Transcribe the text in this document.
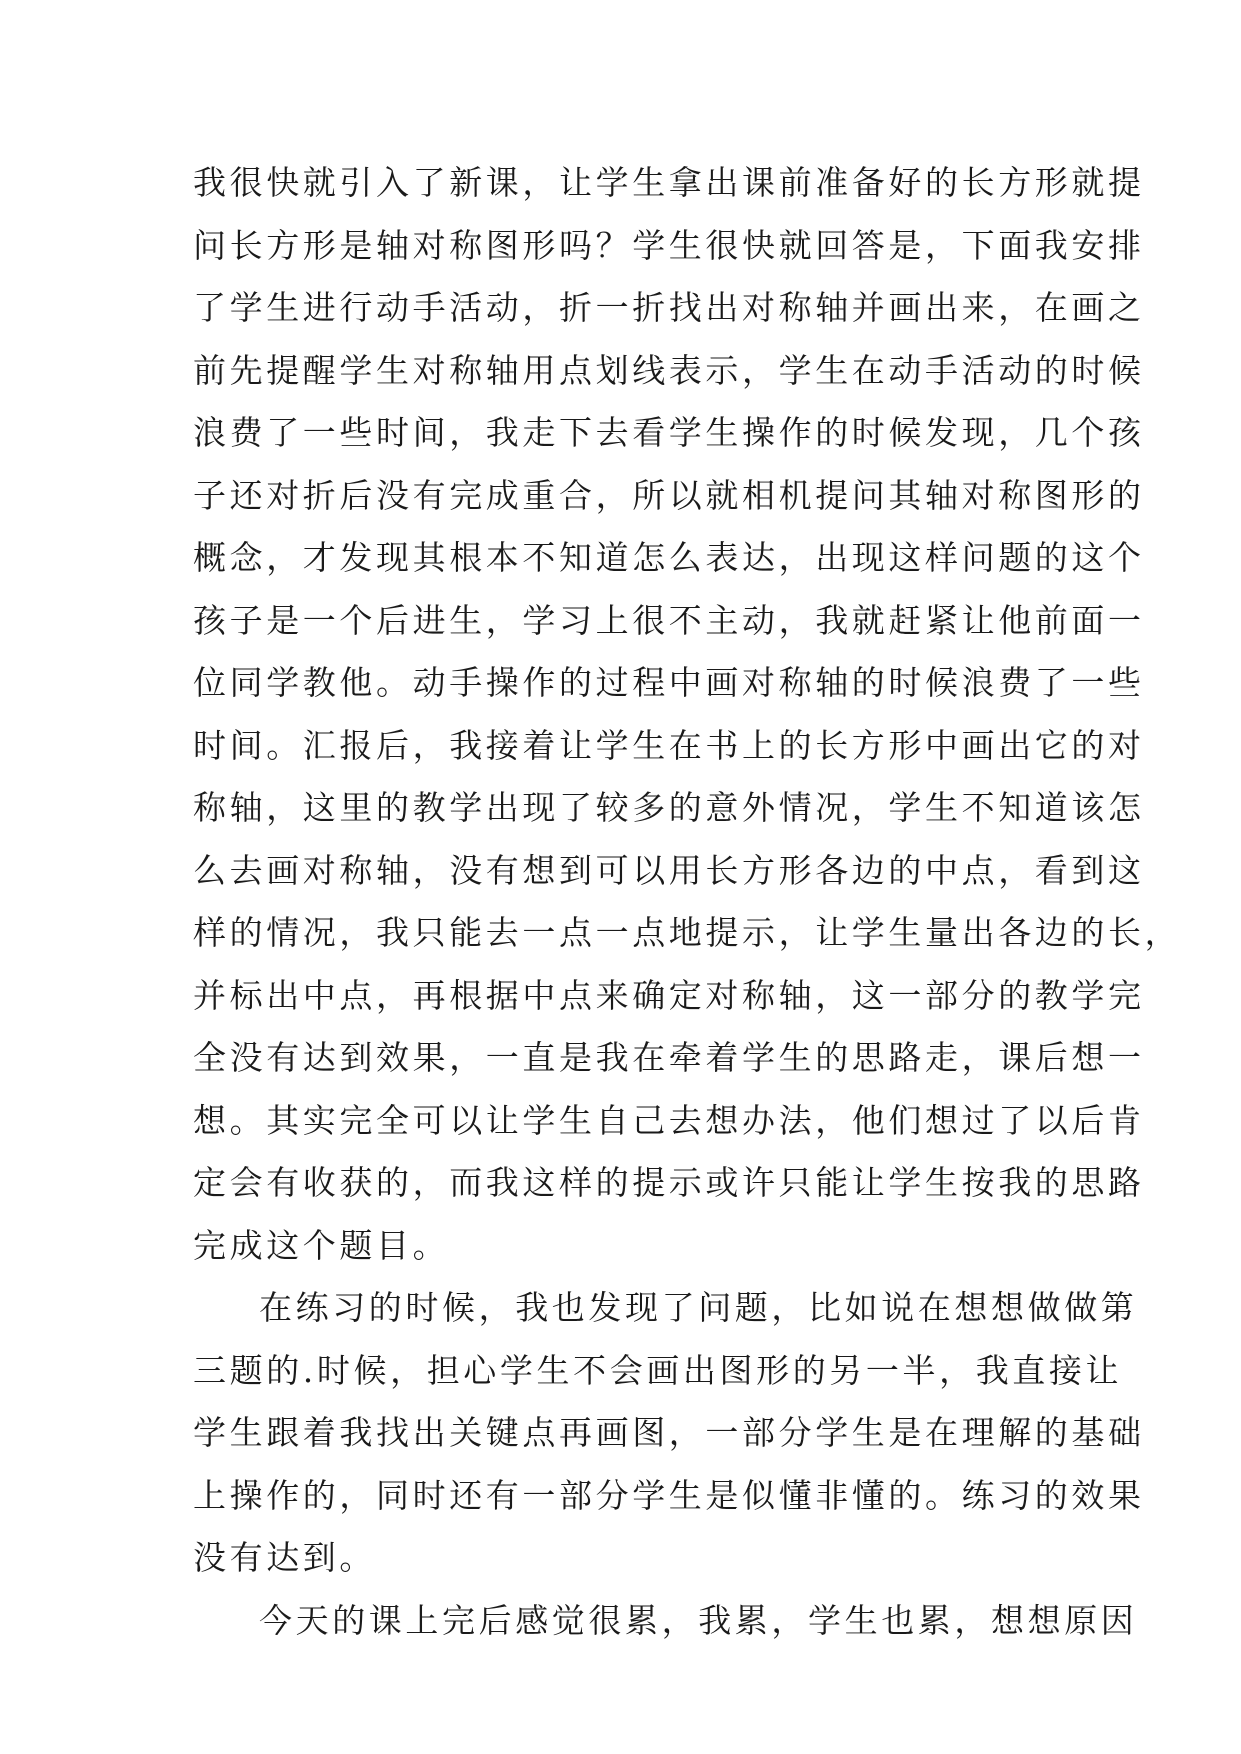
我很快就引入了新课，让学生拿出课前准备好的长方形就提
问长方形是轴对称图形吗？学生很快就回答是，下面我安排
了学生进行动手活动，折一折找出对称轴并画出来，在画之
前先提醒学生对称轴用点划线表示，学生在动手活动的时候
浪费了一些时间，我走下去看学生操作的时候发现，几个孩
子还对折后没有完成重合，所以就相机提问其轴对称图形的
概念，才发现其根本不知道怎么表达，出现这样问题的这个
孩子是一个后进生，学习上很不主动，我就赶紧让他前面一
位同学教他。动手操作的过程中画对称轴的时候浪费了一些
时间。汇报后，我接着让学生在书上的长方形中画出它的对
称轴，这里的教学出现了较多的意外情况，学生不知道该怎
么去画对称轴，没有想到可以用长方形各边的中点，看到这
样的情况，我只能去一点一点地提示，让学生量出各边的长，
并标出中点，再根据中点来确定对称轴，这一部分的教学完
全没有达到效果，一直是我在牵着学生的思路走，课后想一
想。其实完全可以让学生自己去想办法，他们想过了以后肯
定会有收获的，而我这样的提示或许只能让学生按我的思路
完成这个题目。
在练习的时候，我也发现了问题，比如说在想想做做第
三题的.时候，担心学生不会画出图形的另一半，我直接让
学生跟着我找出关键点再画图，一部分学生是在理解的基础
上操作的，同时还有一部分学生是似懂非懂的。练习的效果
没有达到。
今天的课上完后感觉很累，我累，学生也累，想想原因
